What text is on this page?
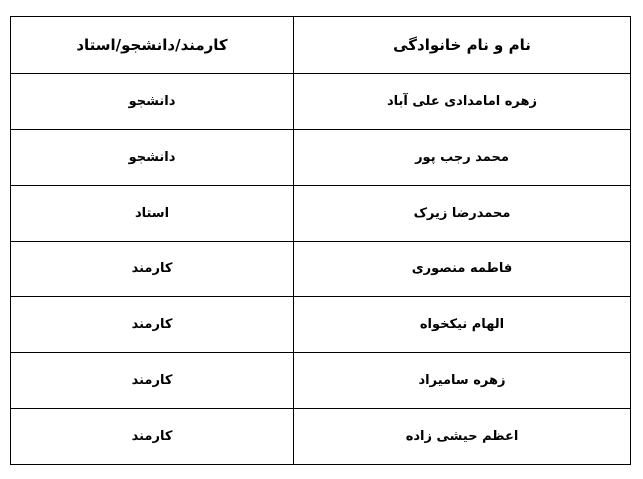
نام و نام خانوادگی	کارمند/دانشجو/استاد
زهره امامدادی علی آباد	دانشجو
محمد رجب پور	دانشجو
محمدرضا زیرک	استاد
فاطمه منصوری	کارمند
الهام نیکخواه	کارمند
زهره سامیراد	کارمند
اعظم حیشی زاده	کارمند
